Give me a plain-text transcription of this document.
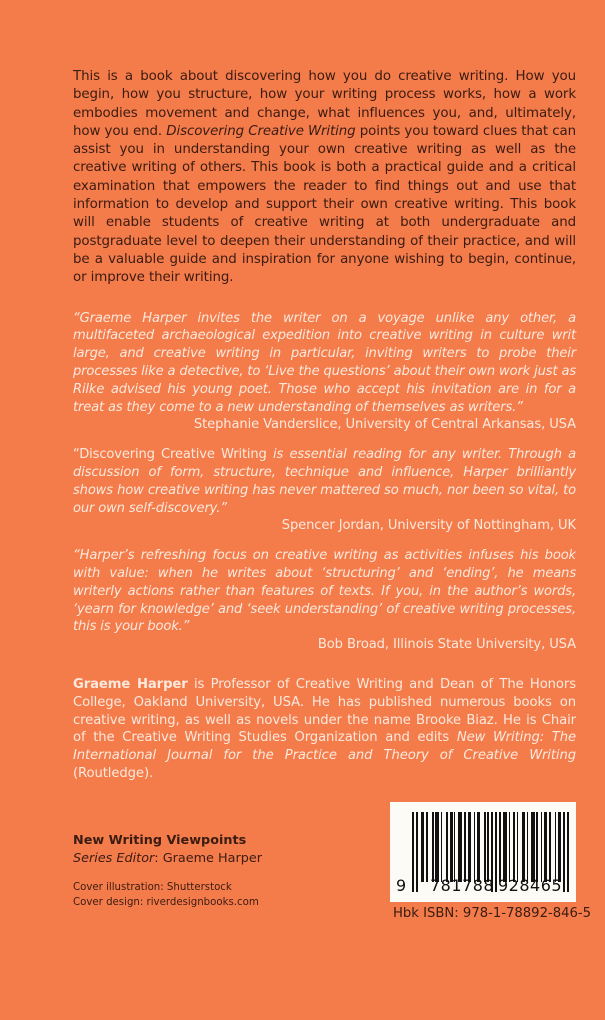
This is a book about discovering how you do creative writing. How you begin, how you structure, how your writing process works, how a work embodies movement and change, what influences you, and, ultimately, how you end. Discovering Creative Writing points you toward clues that can assist you in understanding your own creative writing as well as the creative writing of others. This book is both a practical guide and a critical examination that empowers the reader to find things out and use that information to develop and support their own creative writing. This book will enable students of creative writing at both undergraduate and postgraduate level to deepen their understanding of their practice, and will be a valuable guide and inspiration for anyone wishing to begin, continue, or improve their writing.

“Graeme Harper invites the writer on a voyage unlike any other, a multifaceted archaeological expedition into creative writing in culture writ large, and creative writing in particular, inviting writers to probe their processes like a detective, to ‘Live the questions’ about their own work just as Rilke advised his young poet. Those who accept his invitation are in for a treat as they come to a new understanding of themselves as writers.”

Stephanie Vanderslice, University of Central Arkansas, USA

“Discovering Creative Writing is essential reading for any writer. Through a discussion of form, structure, technique and influence, Harper brilliantly shows how creative writing has never mattered so much, nor been so vital, to our own self-discovery.”

Spencer Jordan, University of Nottingham, UK

“Harper’s refreshing focus on creative writing as activities infuses his book with value: when he writes about ‘structuring’ and ‘ending’, he means writerly actions rather than features of texts. If you, in the author’s words, ‘yearn for knowledge’ and ‘seek understanding’ of creative writing processes, this is your book.”

Bob Broad, Illinois State University, USA

Graeme Harper is Professor of Creative Writing and Dean of The Honors College, Oakland University, USA. He has published numerous books on creative writing, as well as novels under the name Brooke Biaz. He is Chair of the Creative Writing Studies Organization and edits New Writing: The International Journal for the Practice and Theory of Creative Writing (Routledge).

New Writing Viewpoints
Series Editor: Graeme Harper
Cover illustration: Shutterstock
Cover design: riverdesignbooks.com
9 781788 928465
Hbk ISBN: 978-1-78892-846-5
